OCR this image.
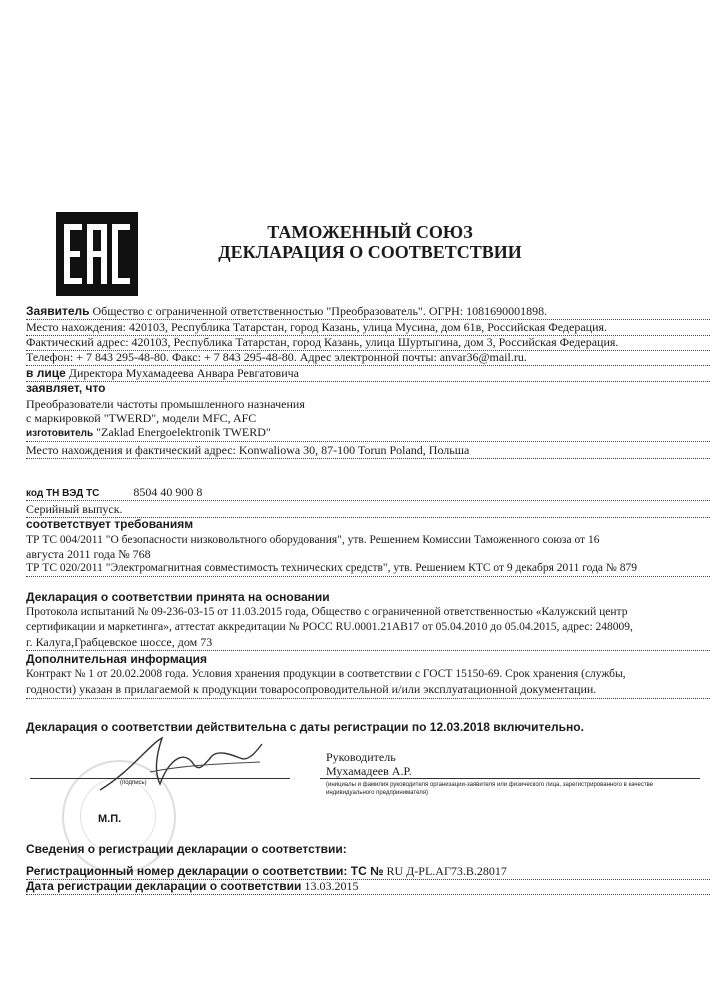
ТАМОЖЕННЫЙ СОЮЗ
ДЕКЛАРАЦИЯ О СООТВЕТСТВИИ
Заявитель Общество с ограниченной ответственностью "Преобразователь". ОГРН: 1081690001898.
Место нахождения: 420103, Республика Татарстан, город Казань, улица Мусина, дом 61в, Российская Федерация.
Фактический адрес: 420103, Республика Татарстан, город Казань, улица Шуртыгина, дом 3, Российская Федерация.
Телефон: + 7 843 295-48-80. Факс: + 7 843 295-48-80. Адрес электронной почты: anvar36@mail.ru.
в лице Директора Мухамадеева Анвара Ревгатовича
заявляет, что
Преобразователи частоты промышленного назначения
с маркировкой "TWERD", модели MFC, AFC
изготовитель "Zaklad Energoelektronik TWERD"
Место нахождения и фактический адрес: Konwaliowa 30, 87-100 Torun Poland, Польша
код ТН ВЭД ТС	8504 40 900 8
Серийный выпуск.
соответствует требованиям
ТР ТС 004/2011 "О безопасности низковольтного оборудования", утв. Решением Комиссии Таможенного союза от 16
августа 2011 года № 768
ТР ТС 020/2011 "Электромагнитная совместимость технических средств", утв. Решением КТС от 9 декабря 2011 года № 879
Декларация о соответствии принята на основании
Протокола испытаний № 09-236-03-15 от 11.03.2015 года, Общество с ограниченной ответственностью «Калужский центр
сертификации и маркетинга», аттестат аккредитации № РОСС RU.0001.21АВ17 от 05.04.2010 до 05.04.2015, адрес: 248009,
г. Калуга,Грабцевское шоссе, дом 73
Дополнительная информация
Контракт № 1 от 20.02.2008 года. Условия хранения продукции в соответствии с ГОСТ 15150-69. Срок хранения (службы,
годности) указан в прилагаемой к продукции товаросопроводительной и/или эксплуатационной документации.
Декларация о соответствии действительна с даты регистрации по 12.03.2018 включительно.
(подпись)
Руководитель
Мухамадеев А.Р.
(инициалы и фамилия руководителя организации-заявителя или физического лица, зарегистрированного в качестве
индивидуального предпринимателя)
М.П.
Сведения о регистрации декларации о соответствии:
Регистрационный номер декларации о соответствии: ТС № RU Д-PL.АГ73.В.28017
Дата регистрации декларации о соответствии 13.03.2015
